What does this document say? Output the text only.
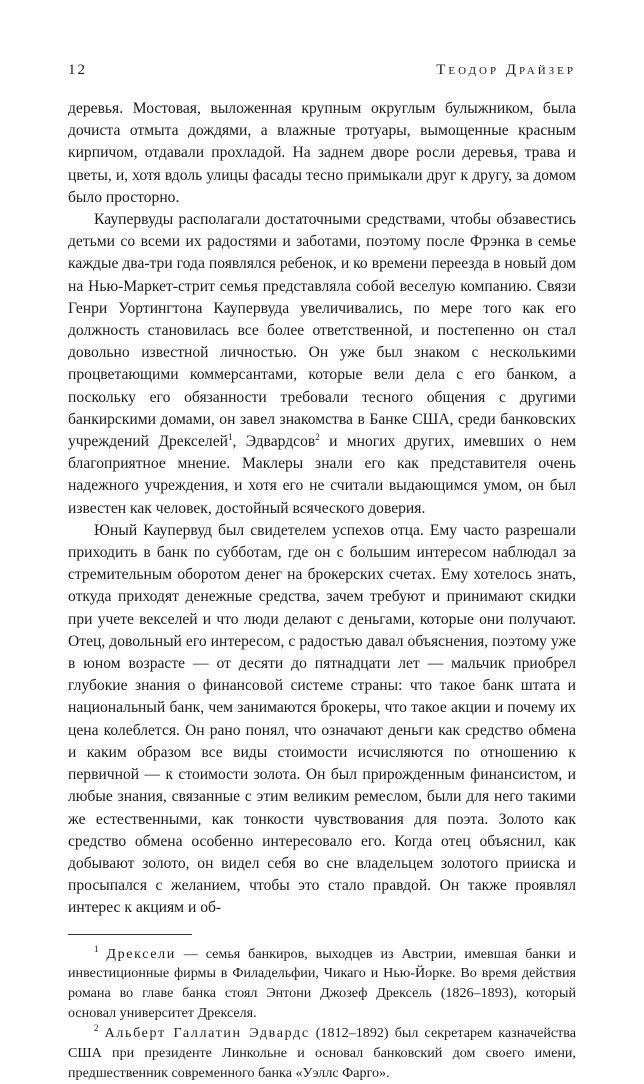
12	Теодор Драйзер

деревья. Мостовая, выложенная крупным округлым булыжником, была дочиста отмыта дождями, а влажные тротуары, вымощенные красным кирпичом, отдавали прохладой. На заднем дворе росли деревья, трава и цветы, и, хотя вдоль улицы фасады тесно примыкали друг к другу, за домом было просторно.

Каупервуды располагали достаточными средствами, чтобы обзавестись детьми со всеми их радостями и заботами, поэтому после Фрэнка в семье каждые два-три года появлялся ребенок, и ко времени переезда в новый дом на Нью-Маркет-стрит семья представляла собой веселую компанию. Связи Генри Уортингтона Каупервуда увеличивались, по мере того как его должность становилась все более ответственной, и постепенно он стал довольно известной личностью. Он уже был знаком с несколькими процветающими коммерсантами, которые вели дела с его банком, а поскольку его обязанности требовали тесного общения с другими банкирскими домами, он завел знакомства в Банке США, среди банковских учреждений Дрекселей$^1$, Эдвардсов$^2$ и многих других, имевших о нем благоприятное мнение. Маклеры знали его как представителя очень надежного учреждения, и хотя его не считали выдающимся умом, он был известен как человек, достойный всяческого доверия.

Юный Каупервуд был свидетелем успехов отца. Ему часто разрешали приходить в банк по субботам, где он с большим интересом наблюдал за стремительным оборотом денег на брокерских счетах. Ему хотелось знать, откуда приходят денежные средства, зачем требуют и принимают скидки при учете векселей и что люди делают с деньгами, которые они получают. Отец, довольный его интересом, с радостью давал объяснения, поэтому уже в юном возрасте — от десяти до пятнадцати лет — мальчик приобрел глубокие знания о финансовой системе страны: что такое банк штата и национальный банк, чем занимаются брокеры, что такое акции и почему их цена колеблется. Он рано понял, что означают деньги как средство обмена и каким образом все виды стоимости исчисляются по отношению к первичной — к стоимости золота. Он был прирожденным финансистом, и любые знания, связанные с этим великим ремеслом, были для него такими же естественными, как тонкости чувствования для поэта. Золото как средство обмена особенно интересовало его. Когда отец объяснил, как добывают золото, он видел себя во сне владельцем золотого прииска и просыпался с желанием, чтобы это стало правдой. Он также проявлял интерес к акциям и об-

$^1$ Дрексели — семья банкиров, выходцев из Австрии, имевшая банки и инвестиционные фирмы в Филадельфии, Чикаго и Нью-Йорке. Во время действия романа во главе банка стоял Энтони Джозеф Дрексель (1826–1893), который основал университет Дрекселя.

$^2$ Альберт Галлатин Эдвардс (1812–1892) был секретарем казначейства США при президенте Линкольне и основал банковский дом своего имени, предшественник современного банка «Уэллс Фарго».
